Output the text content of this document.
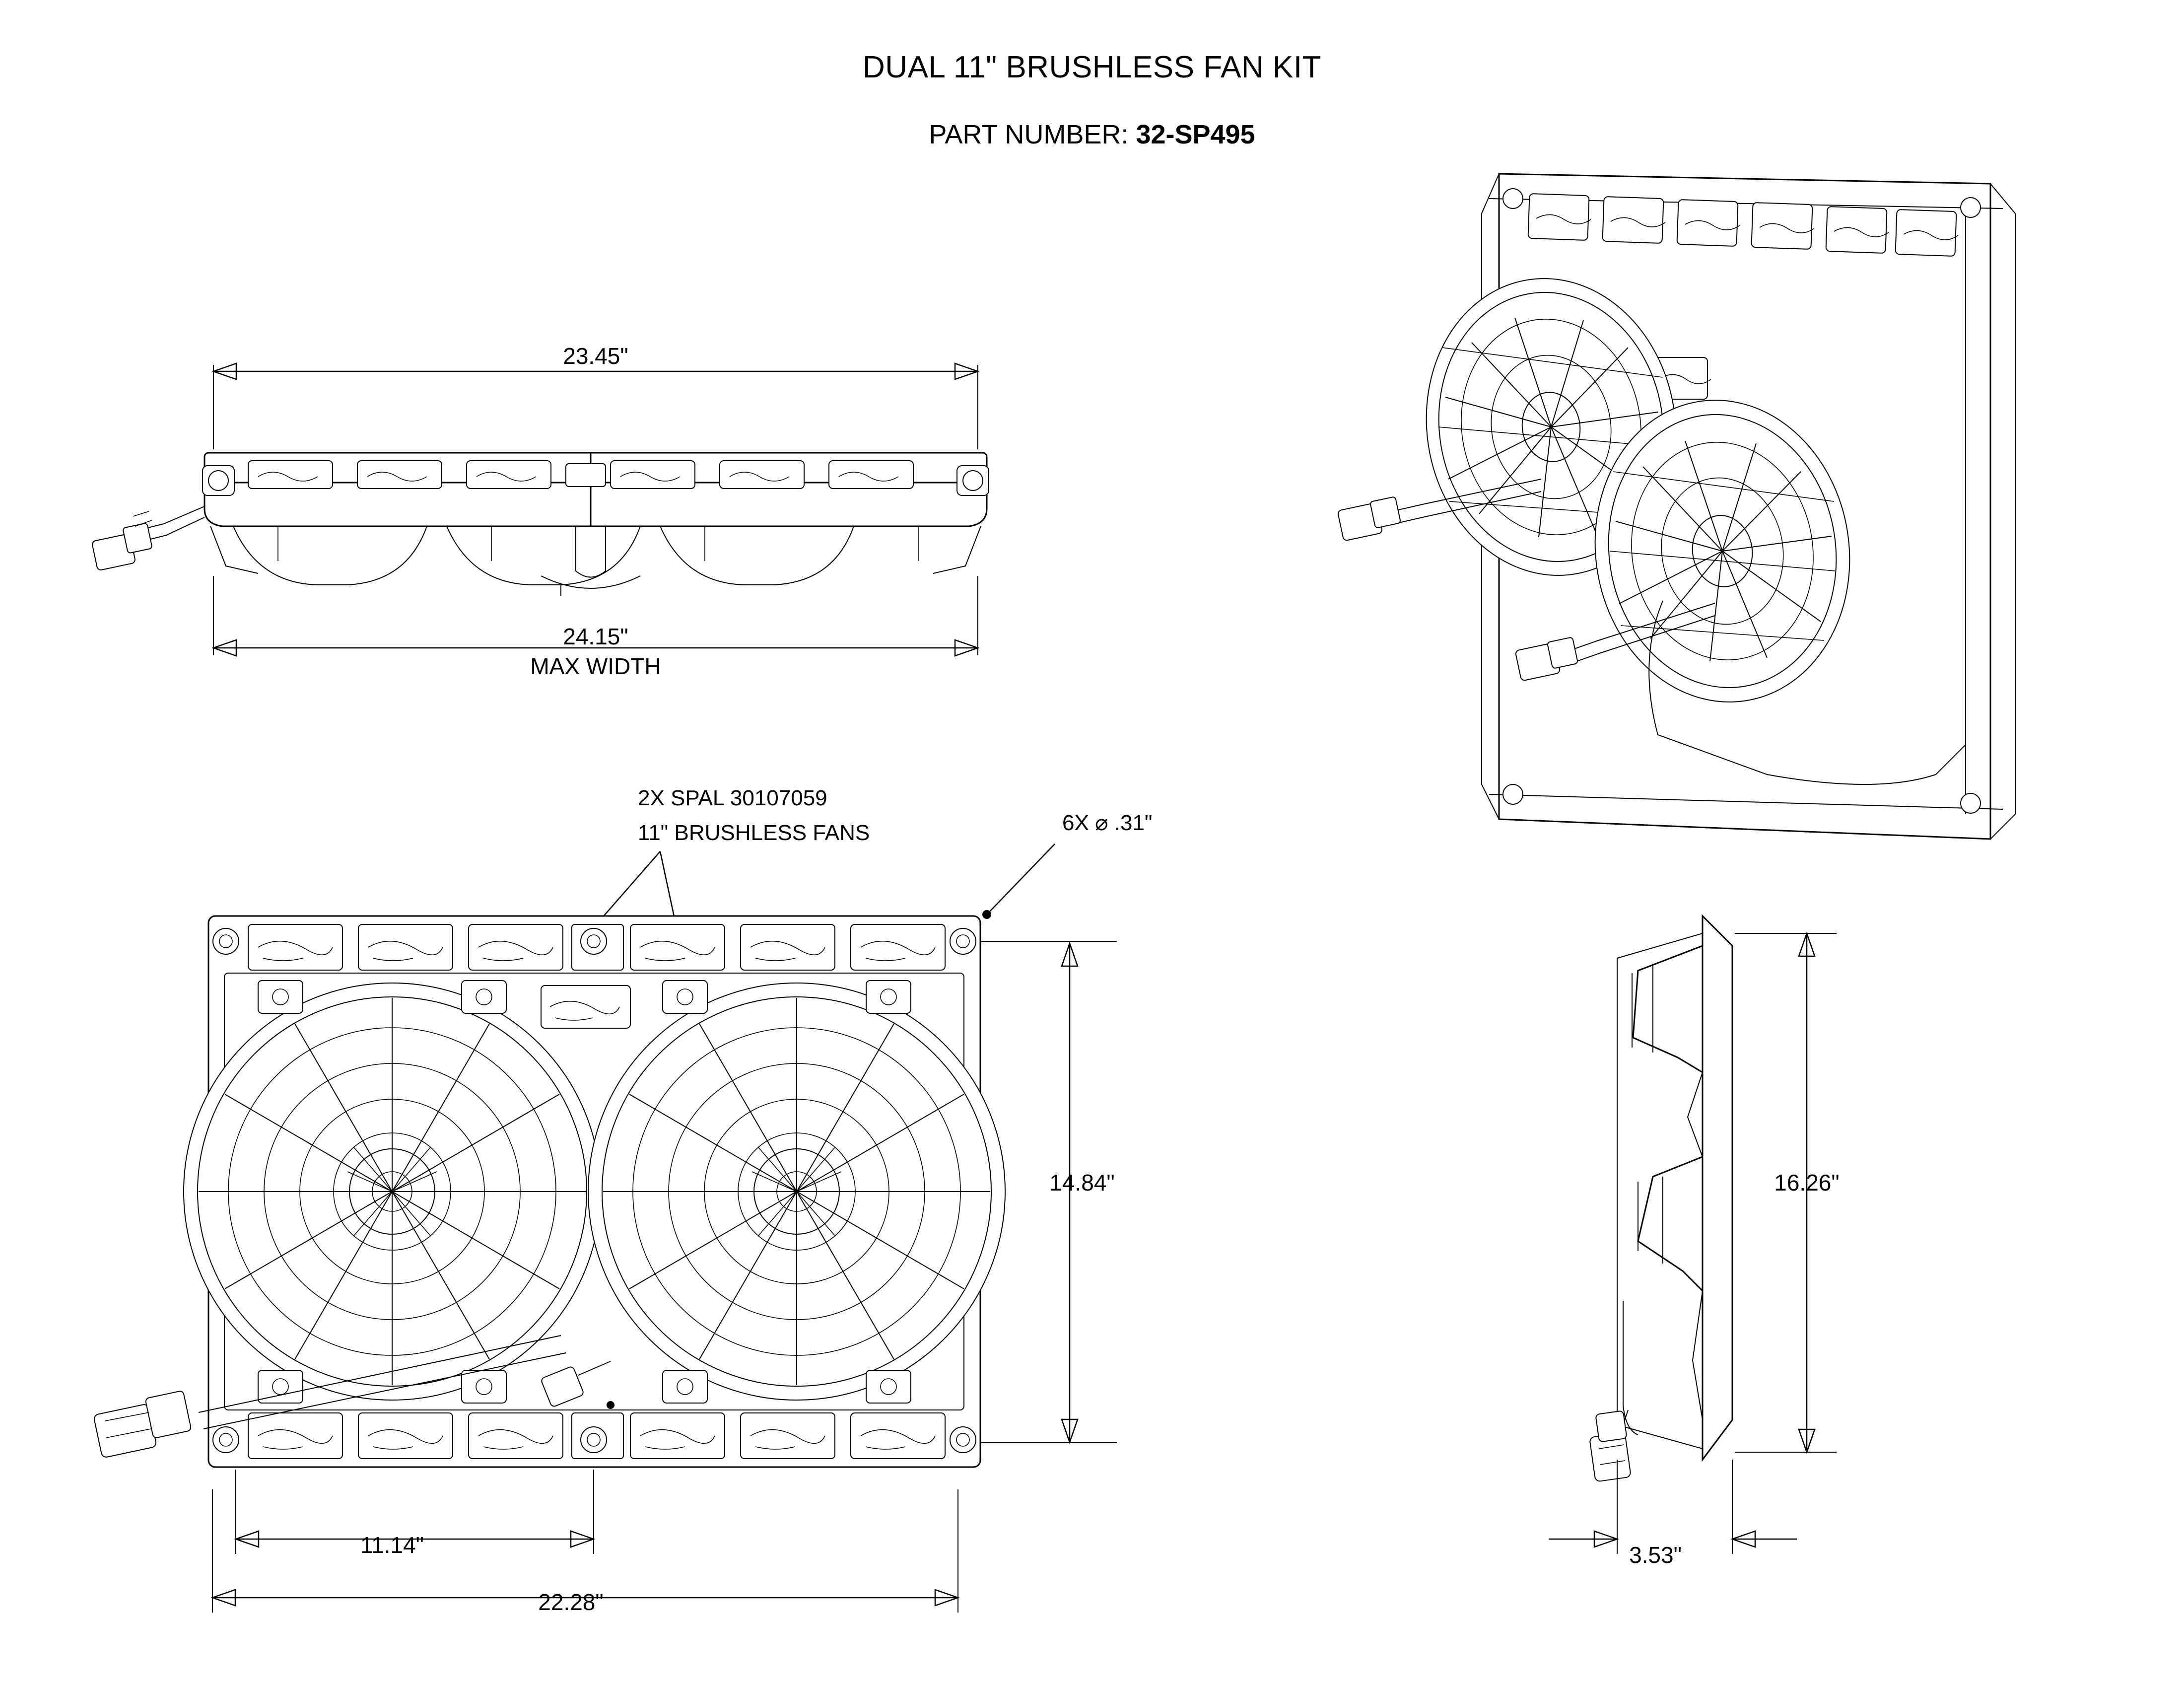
DUAL 11" BRUSHLESS FAN KIT
PART NUMBER: 32-SP495
23.45"
24.15"
MAX WIDTH
2X SPAL 30107059
11" BRUSHLESS FANS	6X ⌀ .31"
14.84"
11.14"
22.28"
16.26"
3.53"
